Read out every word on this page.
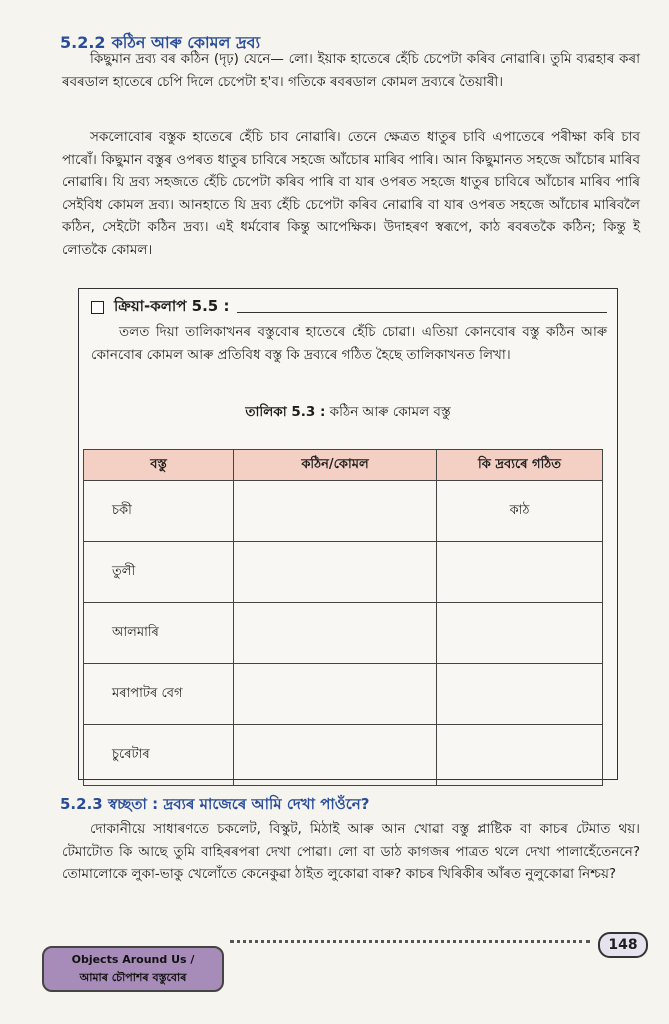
5.2.2 কঠিন আৰু কোমল দ্ৰব্য
কিছুমান দ্ৰব্য বৰ কঠিন (দৃঢ়) যেনে— লো। ইয়াক হাতেৰে হেঁচি চেপেটা কৰিব নোৱাৰি। তুমি ব্যৱহাৰ কৰা ৰবৰডাল হাতেৰে চেপি দিলে চেপেটা হ'ব। গতিকে ৰবৰডাল কোমল দ্ৰব্যৰে তৈয়াৰী।
সকলোবোৰ বস্তুক হাতেৰে হেঁচি চাব নোৱাৰি। তেনে ক্ষেত্ৰত ধাতুৰ চাবি এপাতেৰে পৰীক্ষা কৰি চাব পাৰোঁ। কিছুমান বস্তুৰ ওপৰত ধাতুৰ চাবিৰে সহজে আঁচোৰ মাৰিব পাৰি। আন কিছুমানত সহজে আঁচোৰ মাৰিব নোৱাৰি। যি দ্ৰব্য সহজতে হেঁচি চেপেটা কৰিব পাৰি বা যাৰ ওপৰত সহজে ধাতুৰ চাবিৰে আঁচোৰ মাৰিব পাৰি সেইবিধ কোমল দ্ৰব্য। আনহাতে যি দ্ৰব্য হেঁচি চেপেটা কৰিব নোৱাৰি বা যাৰ ওপৰত সহজে আঁচোৰ মাৰিবলৈ কঠিন, সেইটো কঠিন দ্ৰব্য। এই ধৰ্মবোৰ কিন্তু আপেক্ষিক। উদাহৰণ স্বৰূপে, কাঠ ৰবৰতকৈ কঠিন; কিন্তু ই লোতকৈ কোমল।
ক্ৰিয়া-কলাপ 5.5 :
তলত দিয়া তালিকাখনৰ বস্তুবোৰ হাতেৰে হেঁচি চোৱা। এতিয়া কোনবোৰ বস্তু কঠিন আৰু কোনবোৰ কোমল আৰু প্ৰতিবিধ বস্তু কি দ্ৰব্যৰে গঠিত হৈছে তালিকাখনত লিখা।
তালিকা 5.3 : কঠিন আৰু কোমল বস্তু
বস্তু	কঠিন/কোমল	কি দ্ৰব্যৰে গঠিত
চকী		কাঠ
তুলী		
আলমাৰি		
মৰাপাটৰ বেগ		
চুৰেটাৰ		
5.2.3 স্বচ্ছতা : দ্ৰব্যৰ মাজেৰে আমি দেখা পাওঁনে?
দোকানীয়ে সাধাৰণতে চকলেট, বিস্কুট, মিঠাই আৰু আন খোৱা বস্তু প্লাষ্টিক বা কাচৰ টেমাত থয়। টেমাটোত কি আছে তুমি বাহিৰৰপৰা দেখা পোৱা। লো বা ডাঠ কাগজৰ পাত্ৰত থলে দেখা পালাহেঁতেননে? তোমালোকে লুকা-ভাকু খেলোঁতে কেনেকুৱা ঠাইত লুকোৱা বাৰু? কাচৰ খিৰিকীৰ আঁৰত নুলুকোৱা নিশ্চয়?
Objects Around Us /
আমাৰ চৌপাশৰ বস্তুবোৰ
148
